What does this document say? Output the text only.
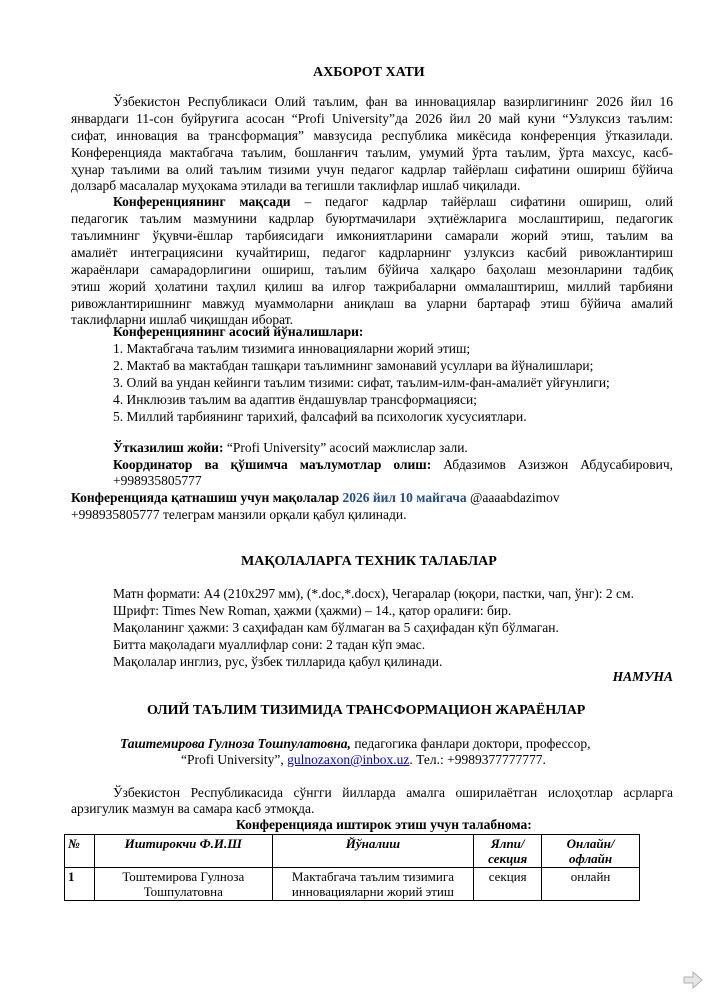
АХБОРОТ ХАТИ
Ўзбекистон Республикаси Олий таълим, фан ва инновациялар вазирлигининг 2026 йил 16
январдаги 11-сон буйруғига асосан “Profi University”да 2026 йил 20 май куни “Узлуксиз таълим:
сифат, инновация ва трансформация” мавзусида республика микёсида конференция ўтказилади.
Конференцияда мактабгача таълим, бошланғич таълим, умумий ўрта таълим, ўрта махсус, касб-
ҳунар таълими ва олий таълим тизими учун педагог кадрлар тайёрлаш сифатини ошириш бўйича
долзарб масалалар муҳокама этилади ва тегишли таклифлар ишлаб чиқилади.
Конференциянинг мақсади – педагог кадрлар тайёрлаш сифатини ошириш, олий
педагогик таълим мазмунини кадрлар буюртмачилари эҳтиёжларига мослаштириш, педагогик
таълимнинг ўқувчи-ёшлар тарбиясидаги имкониятларини самарали жорий этиш, таълим ва
амалиёт интеграциясини кучайтириш, педагог кадрларнинг узлуксиз касбий ривожлантириш
жараёнлари самарадорлигини ошириш, таълим бўйича халқаро баҳолаш мезонларини тадбиқ
этиш жорий ҳолатини таҳлил қилиш ва илғор тажрибаларни оммалаштириш, миллий тарбияни
ривожлантиришнинг мавжуд муаммоларни аниқлаш ва уларни бартараф этиш бўйича амалий
таклифларни ишлаб чиқишдан иборат.
Конференциянинг асосий йўналишлари:
1. Мактабгача таълим тизимига инновацияларни жорий этиш;
2. Мактаб ва мактабдан ташқари таълимнинг замонавий усуллари ва йўналишлари;
3. Олий ва ундан кейинги таълим тизими: сифат, таълим-илм-фан-амалиёт уйғунлиги;
4. Инклюзив таълим ва адаптив ёндашувлар трансформацияси;
5. Миллий тарбиянинг тарихий, фалсафий ва психологик хусусиятлари.
Ўтказилиш жойи: “Profi University” асосий мажлислар зали.
Координатор ва қўшимча маълумотлар олиш: Абдазимов Азизжон Абдусабирович,
+998935805777
Конференцияда қатнашиш учун мақолалар 2026 йил 10 майгача @aaaabdazimov
+998935805777 телеграм манзили орқали қабул қилинади.
МАҚОЛАЛАРГА ТЕХНИК ТАЛАБЛАР
Матн формати: А4 (210х297 мм), (*.doc,*.docx), Чегаралар (юқори, пастки, чап, ўнг): 2 см.
Шрифт: Times New Roman, ҳажми (ҳажми) – 14., қатор оралиғи: бир.
Мақоланинг ҳажми: 3 саҳифадан кам бўлмаган ва 5 саҳифадан кўп бўлмаган.
Битта мақоладаги муаллифлар сони: 2 тадан кўп эмас.
Мақолалар инглиз, рус, ўзбек тилларида қабул қилинади.
НАМУНА
ОЛИЙ ТАЪЛИМ ТИЗИМИДА ТРАНСФОРМАЦИОН ЖАРАЁНЛАР
Таштемирова Гулноза Тошпулатовна, педагогика фанлари доктори, профессор,
“Profi University”, gulnozaxon@inbox.uz. Тел.: +9989377777777.
Ўзбекистон Республикасида сўнгги йилларда амалга оширилаётган ислоҳотлар асрларга
арзигулик мазмун ва самара касб этмоқда.
Конференцияда иштирок этиш учун талабнома:
№	Иштирокчи Ф.И.Ш	Йўналиш	Ялпи/ секция	Онлайн/ офлайн
1	Тоштемирова Гулноза Тошпулатовна	Мактабгача таълим тизимига инновацияларни жорий этиш	секция	онлайн
